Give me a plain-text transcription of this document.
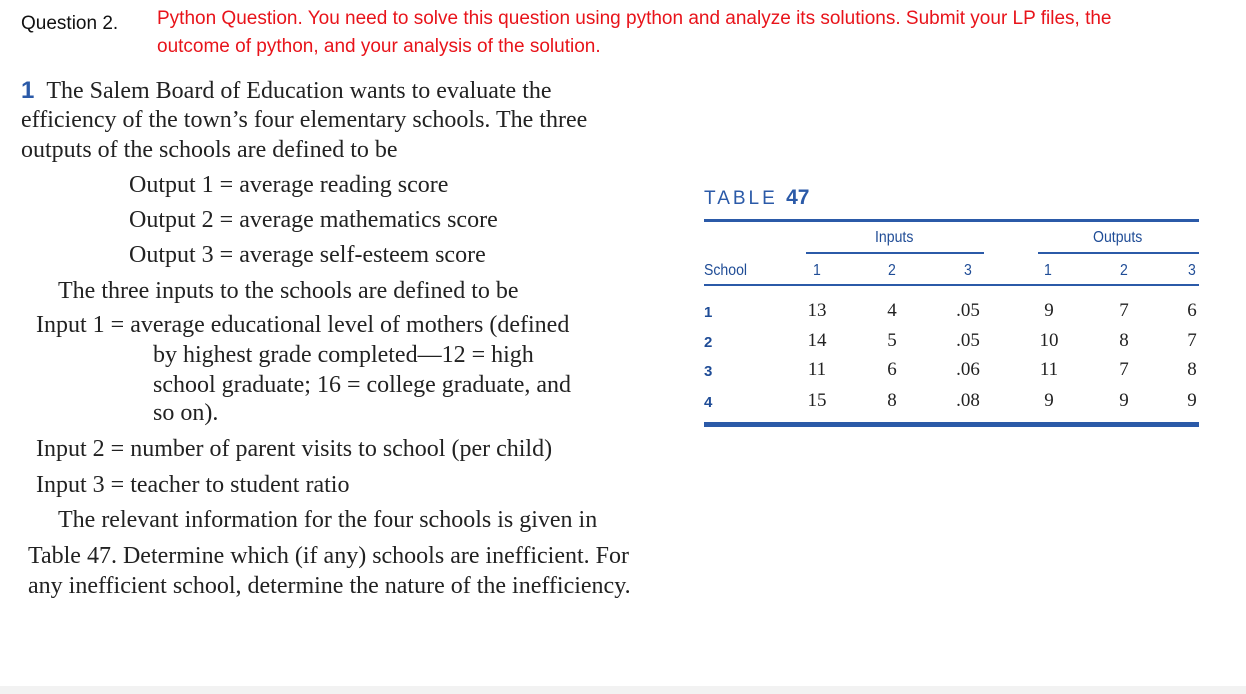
Question 2. Python Question. You need to solve this question using python and analyze its solutions. Submit your LP files, the
outcome of python, and your analysis of the solution.
1 The Salem Board of Education wants to evaluate the
efficiency of the town’s four elementary schools. The three
outputs of the schools are defined to be
Output 1 = average reading score
Output 2 = average mathematics score
Output 3 = average self-esteem score
The three inputs to the schools are defined to be
Input 1 = average educational level of mothers (defined
by highest grade completed—12 = high
school graduate; 16 = college graduate, and
so on).
Input 2 = number of parent visits to school (per child)
Input 3 = teacher to student ratio
The relevant information for the four schools is given in
Table 47. Determine which (if any) schools are inefficient. For
any inefficient school, determine the nature of the inefficiency.
TABLE 47
Inputs	Outputs
School	1	2	3	1	2	3
1	13	4	.05	9	7	6
2	14	5	.05	10	8	7
3	11	6	.06	11	7	8
4	15	8	.08	9	9	9
